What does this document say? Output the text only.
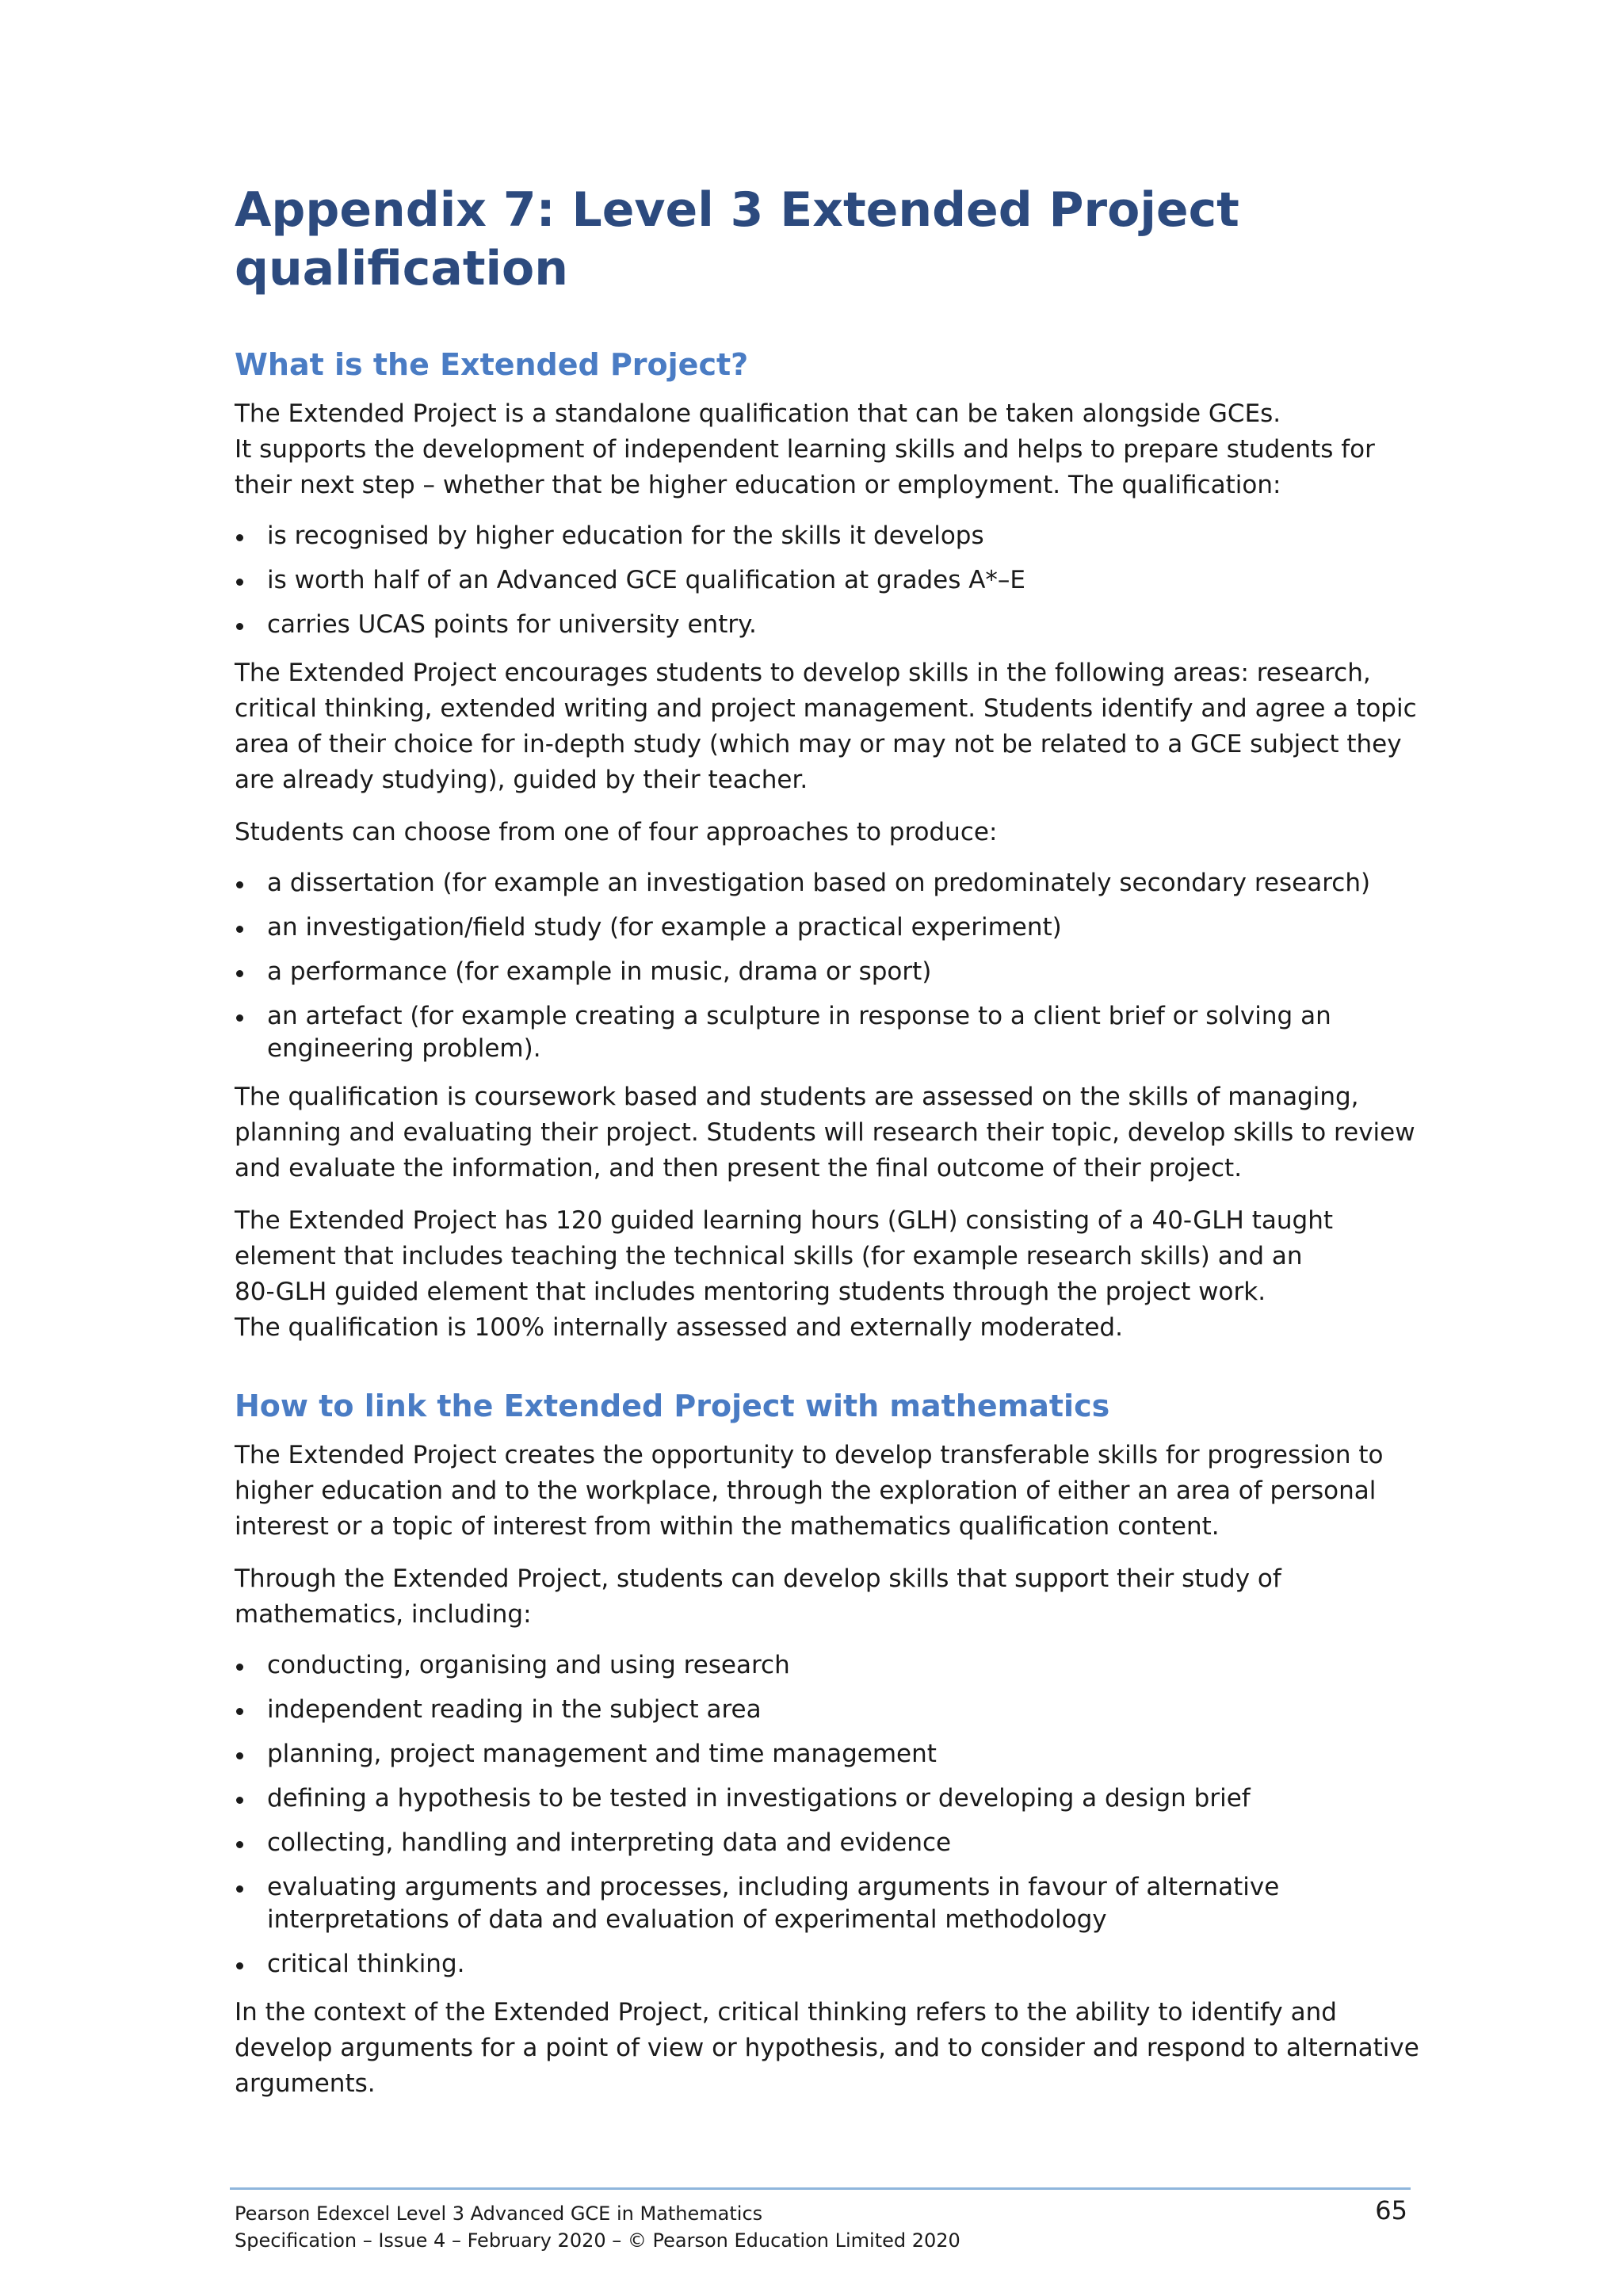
Appendix 7: Level 3 Extended Project
qualification
What is the Extended Project?

The Extended Project is a standalone qualification that can be taken alongside GCEs.
It supports the development of independent learning skills and helps to prepare students for their next step – whether that be higher education or employment. The qualification:

is recognised by higher education for the skills it develops
is worth half of an Advanced GCE qualification at grades A*–E
carries UCAS points for university entry.

The Extended Project encourages students to develop skills in the following areas: research, critical thinking, extended writing and project management. Students identify and agree a topic area of their choice for in-depth study (which may or may not be related to a GCE subject they are already studying), guided by their teacher.

Students can choose from one of four approaches to produce:

a dissertation (for example an investigation based on predominately secondary research)
an investigation/field study (for example a practical experiment)
a performance (for example in music, drama or sport)
an artefact (for example creating a sculpture in response to a client brief or solving an engineering problem).

The qualification is coursework based and students are assessed on the skills of managing, planning and evaluating their project. Students will research their topic, develop skills to review and evaluate the information, and then present the final outcome of their project.

The Extended Project has 120 guided learning hours (GLH) consisting of a 40-GLH taught element that includes teaching the technical skills (for example research skills) and an
80-GLH guided element that includes mentoring students through the project work.
The qualification is 100% internally assessed and externally moderated.

How to link the Extended Project with mathematics

The Extended Project creates the opportunity to develop transferable skills for progression to higher education and to the workplace, through the exploration of either an area of personal interest or a topic of interest from within the mathematics qualification content.

Through the Extended Project, students can develop skills that support their study of mathematics, including:

conducting, organising and using research
independent reading in the subject area
planning, project management and time management
defining a hypothesis to be tested in investigations or developing a design brief
collecting, handling and interpreting data and evidence
evaluating arguments and processes, including arguments in favour of alternative interpretations of data and evaluation of experimental methodology
critical thinking.

In the context of the Extended Project, critical thinking refers to the ability to identify and develop arguments for a point of view or hypothesis, and to consider and respond to alternative arguments.

Pearson Edexcel Level 3 Advanced GCE in Mathematics
Specification – Issue 4 – February 2020 – © Pearson Education Limited 2020
65
